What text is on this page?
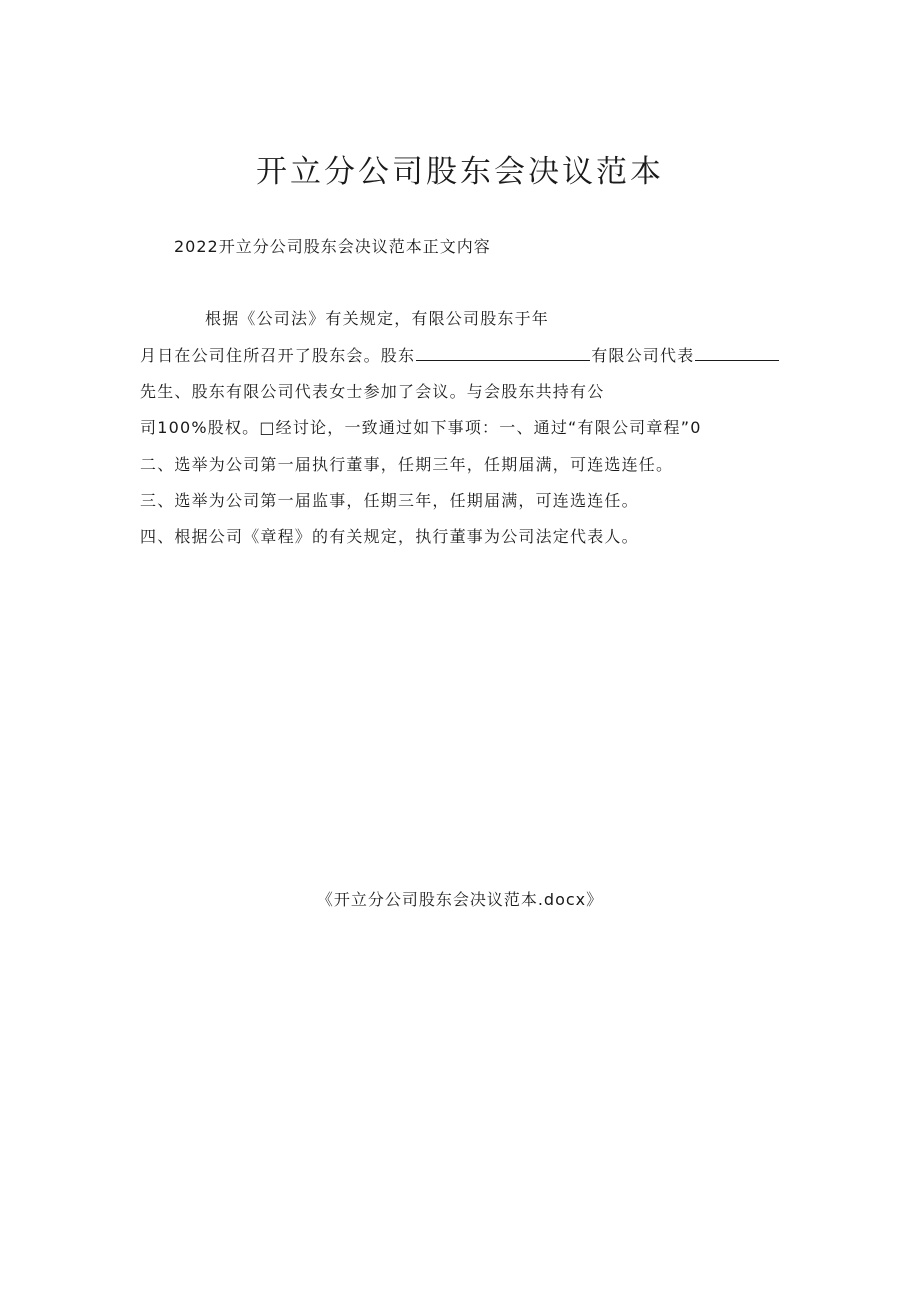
开立分公司股东会决议范本
2022开立分公司股东会决议范本正文内容
根据《公司法》有关规定，有限公司股东于年
月日在公司住所召开了股东会。股东	有限公司代表
先生、股东有限公司代表女士参加了会议。与会股东共持有公
司100%股权。□经讨论，一致通过如下事项：一、通过“有限公司章程”0
二、选举为公司第一届执行董事，任期三年，任期届满，可连选连任。
三、选举为公司第一届监事，任期三年，任期届满，可连选连任。
四、根据公司《章程》的有关规定，执行董事为公司法定代表人。
《开立分公司股东会决议范本.docx》
